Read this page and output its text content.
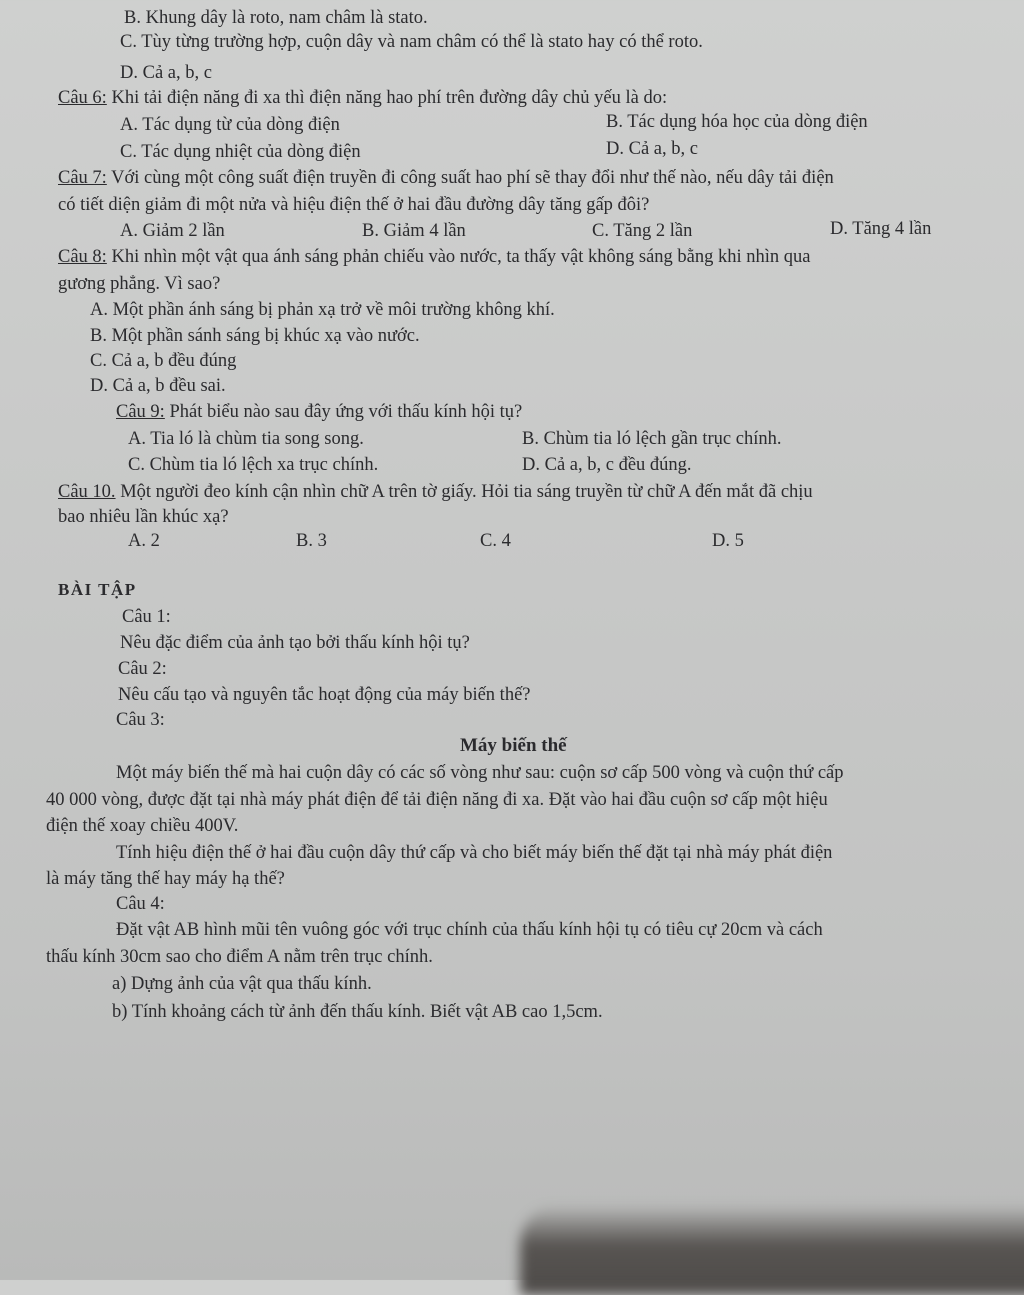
B. Khung dây là roto, nam châm là stato.
C. Tùy từng trường hợp, cuộn dây và nam châm có thể là stato hay có thể roto.
D. Cả a, b, c
Câu 6: Khi tải điện năng đi xa thì điện năng hao phí trên đường dây chủ yếu là do:
A. Tác dụng từ của dòng điện	B. Tác dụng hóa học của dòng điện
C. Tác dụng nhiệt của dòng điện	D. Cả a, b, c
Câu 7: Với cùng một công suất điện truyền đi công suất hao phí sẽ thay đổi như thế nào, nếu dây tải điện
có tiết diện giảm đi một nửa và hiệu điện thế ở hai đầu đường dây tăng gấp đôi?
A. Giảm 2 lần	B. Giảm 4 lần	C. Tăng 2 lần	D. Tăng 4 lần
Câu 8: Khi nhìn một vật qua ánh sáng phản chiếu vào nước, ta thấy vật không sáng bằng khi nhìn qua
gương phẳng. Vì sao?
A. Một phần ánh sáng bị phản xạ trở về môi trường không khí.
B. Một phần sánh sáng bị khúc xạ vào nước.
C. Cả a, b đều đúng
D. Cả a, b đều sai.
Câu 9: Phát biểu nào sau đây ứng với thấu kính hội tụ?
A. Tia ló là chùm tia song song.	B. Chùm tia ló lệch gần trục chính.
C. Chùm tia ló lệch xa trục chính.	D. Cả a, b, c đều đúng.
Câu 10. Một người đeo kính cận nhìn chữ A trên tờ giấy. Hỏi tia sáng truyền từ chữ A đến mắt đã chịu
bao nhiêu lần khúc xạ?
A. 2	B. 3	C. 4	D. 5
BÀI TẬP
Câu 1:
Nêu đặc điểm của ảnh tạo bởi thấu kính hội tụ?
Câu 2:
Nêu cấu tạo và nguyên tắc hoạt động của máy biến thế?
Câu 3:
Máy biến thế
Một máy biến thế mà hai cuộn dây có các số vòng như sau: cuộn sơ cấp 500 vòng và cuộn thứ cấp
40 000 vòng, được đặt tại nhà máy phát điện để tải điện năng đi xa. Đặt vào hai đầu cuộn sơ cấp một hiệu
điện thế xoay chiều 400V.
Tính hiệu điện thế ở hai đầu cuộn dây thứ cấp và cho biết máy biến thế đặt tại nhà máy phát điện
là máy tăng thế hay máy hạ thế?
Câu 4:
Đặt vật AB hình mũi tên vuông góc với trục chính của thấu kính hội tụ có tiêu cự 20cm và cách
thấu kính 30cm sao cho điểm A nằm trên trục chính.
a) Dựng ảnh của vật qua thấu kính.
b) Tính khoảng cách từ ảnh đến thấu kính. Biết vật AB cao 1,5cm.
